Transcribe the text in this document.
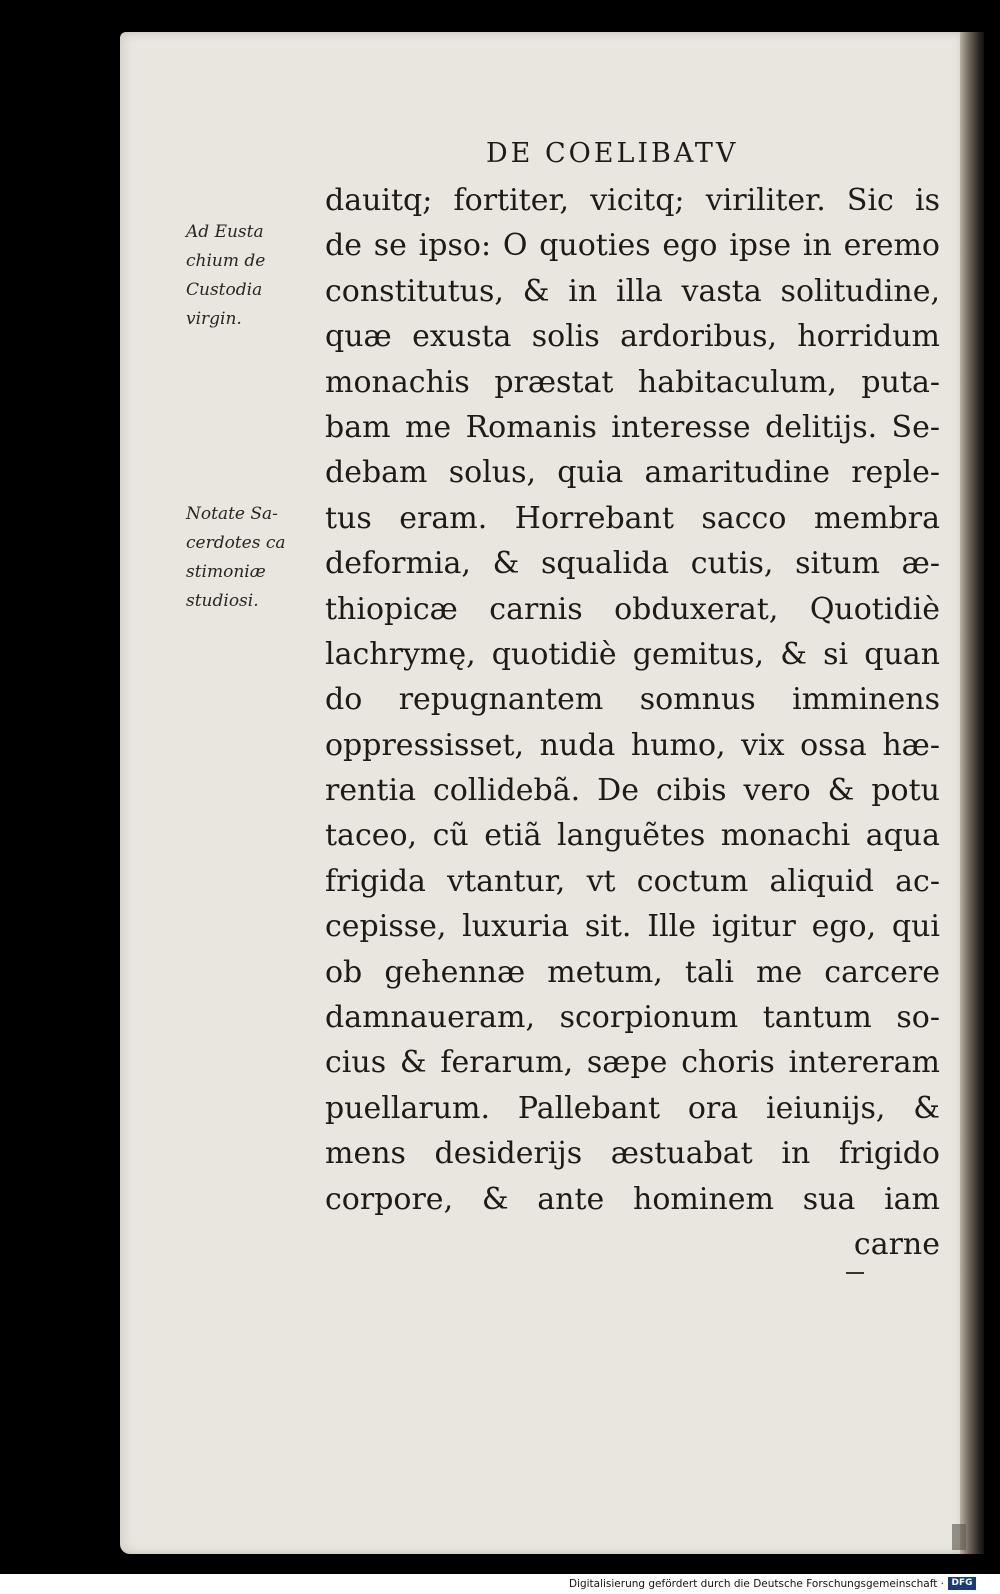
DE COELIBATV
Ad Eusta
chium de
Custodia
virgin.
Notate Sa-
cerdotes ca
stimoniæ
studiosi.
dauitq; fortiter, vicitq; viriliter. Sic is
de se ipso: O quoties ego ipse in eremo
constitutus, & in illa vasta solitudine,
quæ exusta solis ardoribus, horridum
monachis præstat habitaculum, puta-
bam me Romanis interesse delitijs. Se-
debam solus, quia amaritudine reple-
tus eram. Horrebant sacco membra
deformia, & squalida cutis, situm æ-
thiopicæ carnis obduxerat, Quotidiè
lachrymę, quotidiè gemitus, & si quan
do repugnantem somnus imminens
oppressisset, nuda humo, vix ossa hæ-
rentia collidebã. De cibis vero & potu
taceo, cũ etiã languẽtes monachi aqua
frigida vtantur, vt coctum aliquid ac-
cepisse, luxuria sit. Ille igitur ego, qui
ob gehennæ metum, tali me carcere
damnaueram, scorpionum tantum so-
cius & ferarum, sæpe choris intereram
puellarum. Pallebant ora ieiunijs, &
mens desiderijs æstuabat in frigido
corpore, & ante hominem sua iam
carne
Digitalisierung gefördert durch die Deutsche Forschungsgemeinschaft · DFG
